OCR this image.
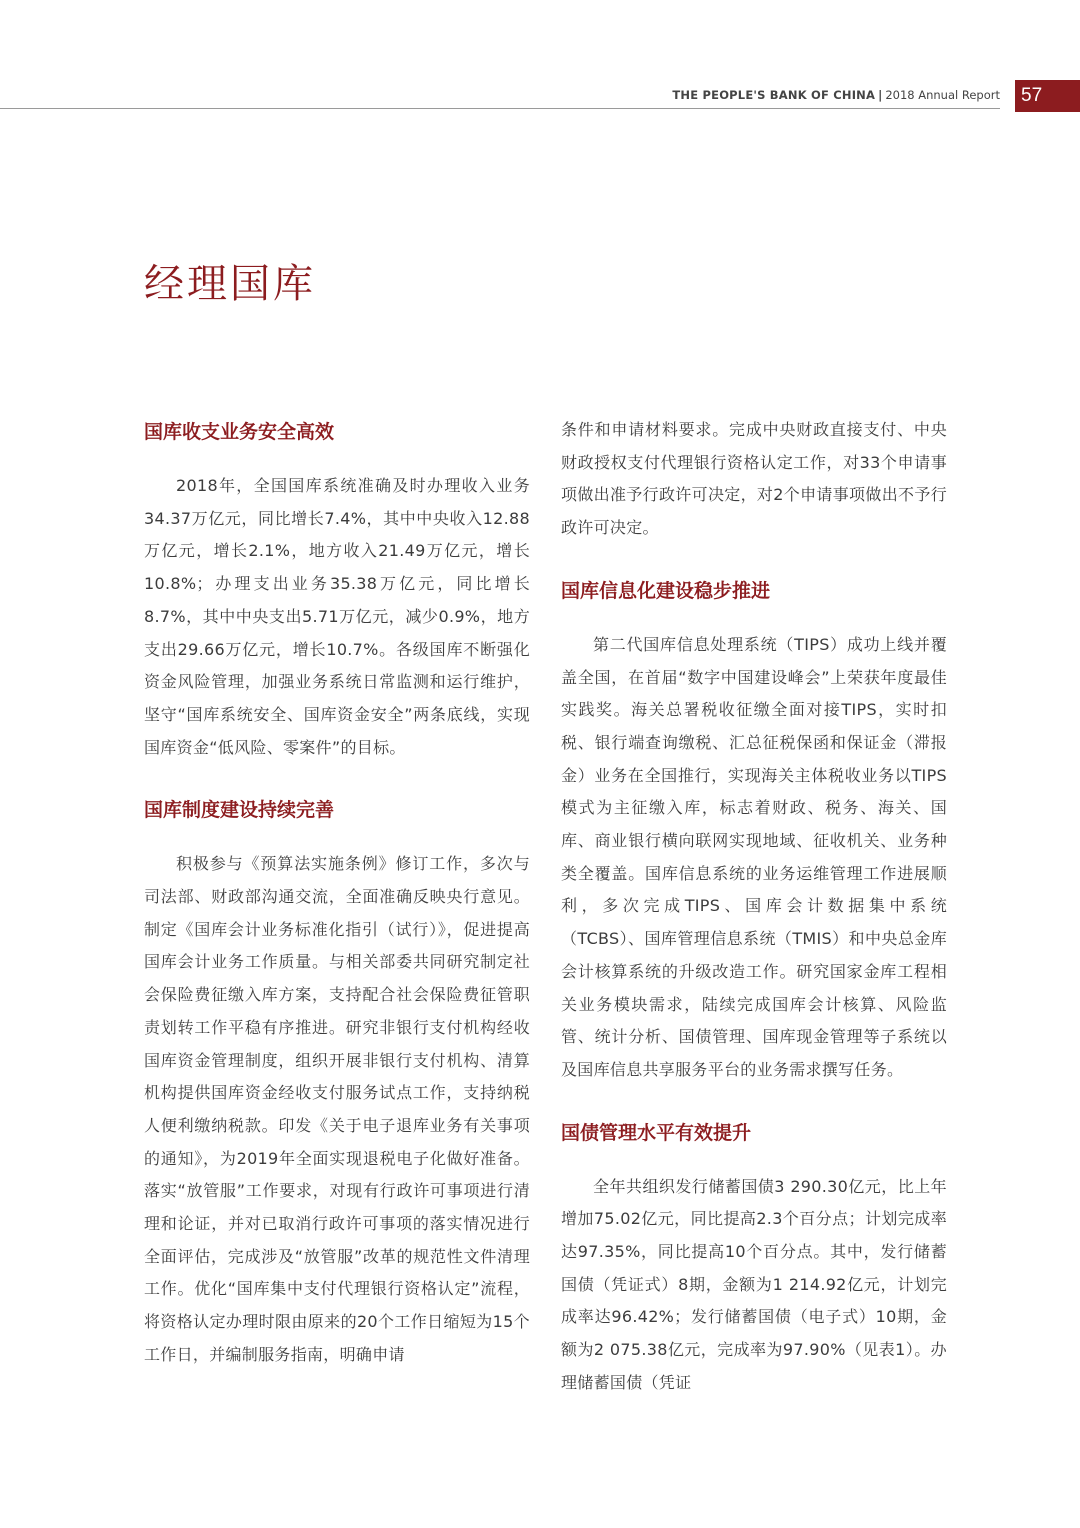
THE PEOPLE'S BANK OF CHINA | 2018 Annual Report	57
经理国库
国库收支业务安全高效

2018年，全国国库系统准确及时办理收入业务34.37万亿元，同比增长7.4%，其中中央收入12.88万亿元，增长2.1%，地方收入21.49万亿元，增长10.8%；办理支出业务35.38万亿元，同比增长8.7%，其中中央支出5.71万亿元，减少0.9%，地方支出29.66万亿元，增长10.7%。各级国库不断强化资金风险管理，加强业务系统日常监测和运行维护，坚守“国库系统安全、国库资金安全”两条底线，实现国库资金“低风险、零案件”的目标。

国库制度建设持续完善

积极参与《预算法实施条例》修订工作，多次与司法部、财政部沟通交流，全面准确反映央行意见。制定《国库会计业务标准化指引（试行）》，促进提高国库会计业务工作质量。与相关部委共同研究制定社会保险费征缴入库方案，支持配合社会保险费征管职责划转工作平稳有序推进。研究非银行支付机构经收国库资金管理制度，组织开展非银行支付机构、清算机构提供国库资金经收支付服务试点工作，支持纳税人便利缴纳税款。印发《关于电子退库业务有关事项的通知》，为2019年全面实现退税电子化做好准备。落实“放管服”工作要求，对现有行政许可事项进行清理和论证，并对已取消行政许可事项的落实情况进行全面评估，完成涉及“放管服”改革的规范性文件清理工作。优化“国库集中支付代理银行资格认定”流程，将资格认定办理时限由原来的20个工作日缩短为15个工作日，并编制服务指南，明确申请

条件和申请材料要求。完成中央财政直接支付、中央财政授权支付代理银行资格认定工作，对33个申请事项做出准予行政许可决定，对2个申请事项做出不予行政许可决定。

国库信息化建设稳步推进

第二代国库信息处理系统（TIPS）成功上线并覆盖全国，在首届“数字中国建设峰会”上荣获年度最佳实践奖。海关总署税收征缴全面对接TIPS，实时扣税、银行端查询缴税、汇总征税保函和保证金（滞报金）业务在全国推行，实现海关主体税收业务以TIPS模式为主征缴入库，标志着财政、税务、海关、国库、商业银行横向联网实现地域、征收机关、业务种类全覆盖。国库信息系统的业务运维管理工作进展顺利，多次完成TIPS、国库会计数据集中系统（TCBS）、国库管理信息系统（TMIS）和中央总金库会计核算系统的升级改造工作。研究国家金库工程相关业务模块需求，陆续完成国库会计核算、风险监管、统计分析、国债管理、国库现金管理等子系统以及国库信息共享服务平台的业务需求撰写任务。

国债管理水平有效提升

全年共组织发行储蓄国债3 290.30亿元，比上年增加75.02亿元，同比提高2.3个百分点；计划完成率达97.35%，同比提高10个百分点。其中，发行储蓄国债（凭证式）8期，金额为1 214.92亿元，计划完成率达96.42%；发行储蓄国债（电子式）10期，金额为2 075.38亿元，完成率为97.90%（见表1）。办理储蓄国债（凭证
